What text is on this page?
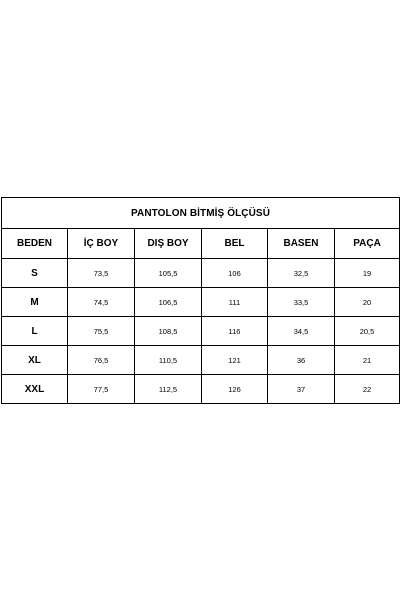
PANTOLON BİTMİŞ ÖLÇÜSÜ					
BEDEN	İÇ BOY	DIŞ BOY	BEL	BASEN	PAÇA
S	73,5	105,5	106	32,5	19
M	74,5	106,5	111	33,5	20
L	75,5	108,5	116	34,5	20,5
XL	76,5	110,5	121	36	21
XXL	77,5	112,5	126	37	22
